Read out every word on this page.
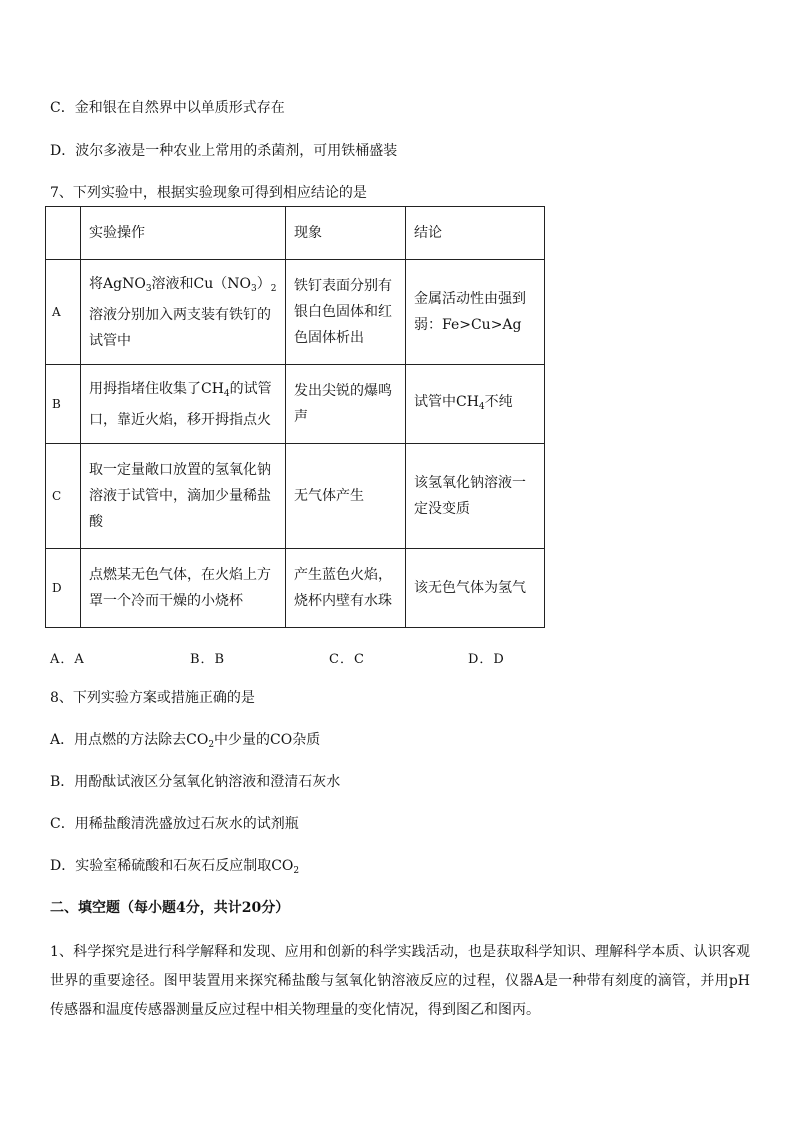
C．金和银在自然界中以单质形式存在
D．波尔多液是一种农业上常用的杀菌剂，可用铁桶盛装
7、下列实验中，根据实验现象可得到相应结论的是
	实验操作	现象	结论
A	将AgNO$_3$溶液和$Cu(NO_3)_2$溶液分别加入两支装有铁钉的试管中	铁钉表面分别有银白色固体和红色固体析出	金属活动性由强到弱：Fe>Cu>Ag
B	用拇指堵住收集了$CH_4$的试管口，靠近火焰，移开拇指点火	发出尖锐的爆鸣声	试管中$CH_4$不纯
C	取一定量敞口放置的氢氧化钠溶液于试管中，滴加少量稀盐酸	无气体产生	该氢氧化钠溶液一定没变质
D	点燃某无色气体，在火焰上方罩一个冷而干燥的小烧杯	产生蓝色火焰，烧杯内壁有水珠	该无色气体为氢气
A．A	B．B	C．C	D．D
8、下列实验方案或措施正确的是
A．用点燃的方法除去$CO_2$中少量的CO杂质
B．用酚酞试液区分氢氧化钠溶液和澄清石灰水
C．用稀盐酸清洗盛放过石灰水的试剂瓶
D．实验室稀硫酸和石灰石反应制取$CO_2$
二、填空题（每小题4分，共计20分）
1、科学探究是进行科学解释和发现、应用和创新的科学实践活动，也是获取科学知识、理解科学本质、认识客观世界的重要途径。图甲装置用来探究稀盐酸与氢氧化钠溶液反应的过程，仪器A是一种带有刻度的滴管，并用pH传感器和温度传感器测量反应过程中相关物理量的变化情况，得到图乙和图丙。
